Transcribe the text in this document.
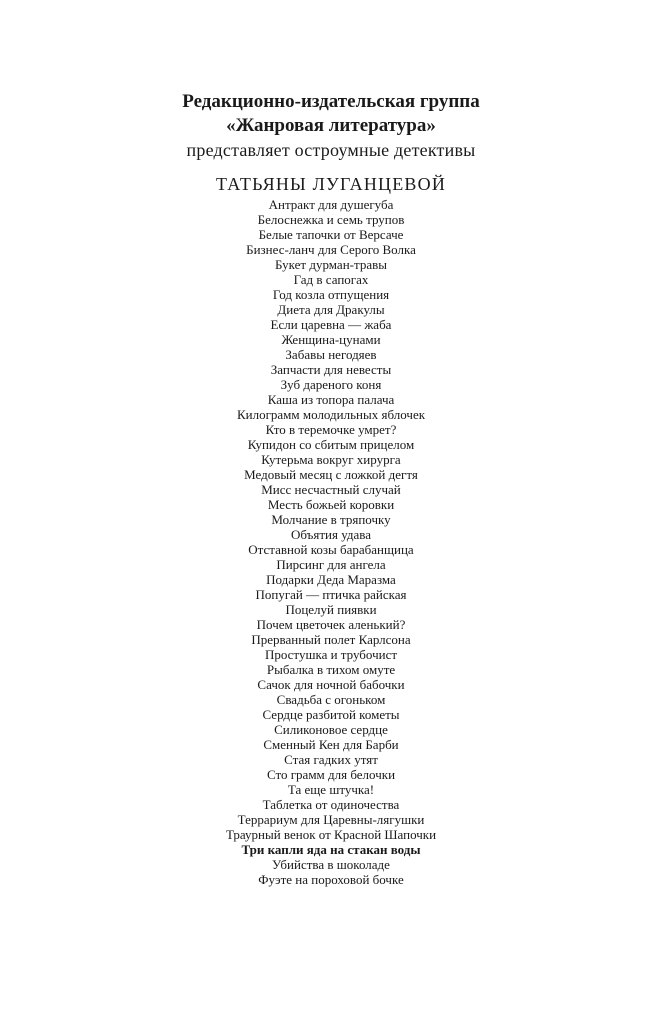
Редакционно-издательская группа
«Жанровая литература»
представляет остроумные детективы
ТАТЬЯНЫ ЛУГАНЦЕВОЙ
Антракт для душегуба
Белоснежка и семь трупов
Белые тапочки от Версаче
Бизнес-ланч для Серого Волка
Букет дурман-травы
Гад в сапогах
Год козла отпущения
Диета для Дракулы
Если царевна — жаба
Женщина-цунами
Забавы негодяев
Запчасти для невесты
Зуб дареного коня
Каша из топора палача
Килограмм молодильных яблочек
Кто в теремочке умрет?
Купидон со сбитым прицелом
Кутерьма вокруг хирурга
Медовый месяц с ложкой дегтя
Мисс несчастный случай
Месть божьей коровки
Молчание в тряпочку
Объятия удава
Отставной козы барабанщица
Пирсинг для ангела
Подарки Деда Маразма
Попугай — птичка райская
Поцелуй пиявки
Почем цветочек аленький?
Прерванный полет Карлсона
Простушка и трубочист
Рыбалка в тихом омуте
Сачок для ночной бабочки
Свадьба с огоньком
Сердце разбитой кометы
Силиконовое сердце
Сменный Кен для Барби
Стая гадких утят
Сто грамм для белочки
Та еще штучка!
Таблетка от одиночества
Террариум для Царевны-лягушки
Траурный венок от Красной Шапочки
Три капли яда на стакан воды
Убийства в шоколаде
Фуэте на пороховой бочке
